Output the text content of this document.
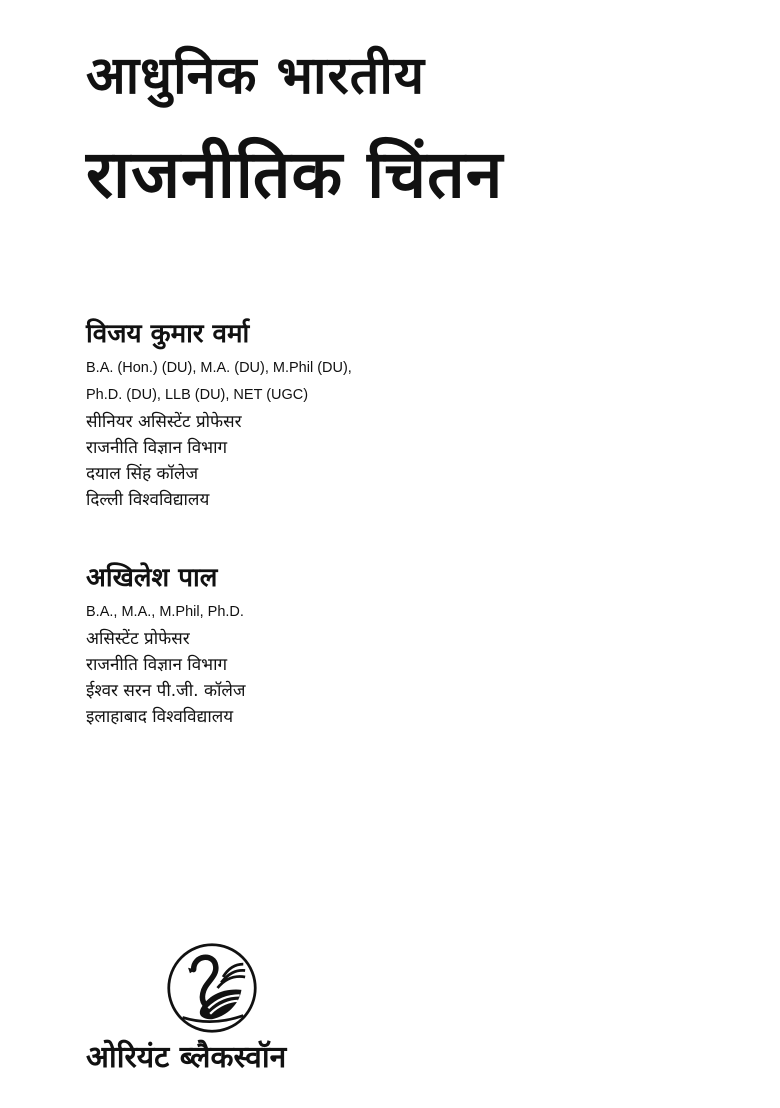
आधुनिक भारतीय
राजनीतिक चिंतन
विजय कुमार वर्मा
B.A. (Hon.) (DU), M.A. (DU), M.Phil (DU),
Ph.D. (DU), LLB (DU), NET (UGC)
सीनियर असिस्टेंट प्रोफेसर
राजनीति विज्ञान विभाग
दयाल सिंह कॉलेज
दिल्ली विश्वविद्यालय
अखिलेश पाल
B.A., M.A., M.Phil, Ph.D.
असिस्टेंट प्रोफेसर
राजनीति विज्ञान विभाग
ईश्वर सरन पी.जी. कॉलेज
इलाहाबाद विश्वविद्यालय
ओरियंट ब्लैकस्वॉन
